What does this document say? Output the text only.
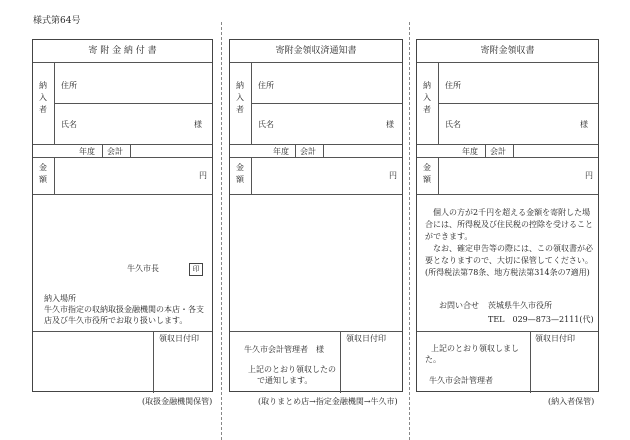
様式第64号
寄 附 金 納 付 書
納入者
住所
氏名	様
年度 会計
金額	円
牛久市長	印
納入場所
牛久市指定の収納取扱金融機関の本店・各支
店及び牛久市役所でお取り扱いします。
領収日付印
(取扱金融機関保管)
寄附金領収済通知書
納入者
住所
氏名	様
年度 会計
金額	円
領収日付印
牛久市会計管理者　様
上記のとおり領収したの
で通知します。
(取りまとめ店→指定金融機関→牛久市)
寄附金領収書
納入者
住所
氏名	様
年度 会計
金額	円
　個人の方が2千円を超える金額を寄附した場
合には、所得税及び住民税の控除を受けること
ができます。
　なお、確定申告等の際には、この領収書が必
要となりますので、大切に保管してください。
(所得税法第78条、地方税法第314条の7適用)
お問い合せ 茨城県牛久市役所
TEL　029—873—2111(代)
領収日付印
上記のとおり領収しまし
た。
牛久市会計管理者
(納入者保管)
